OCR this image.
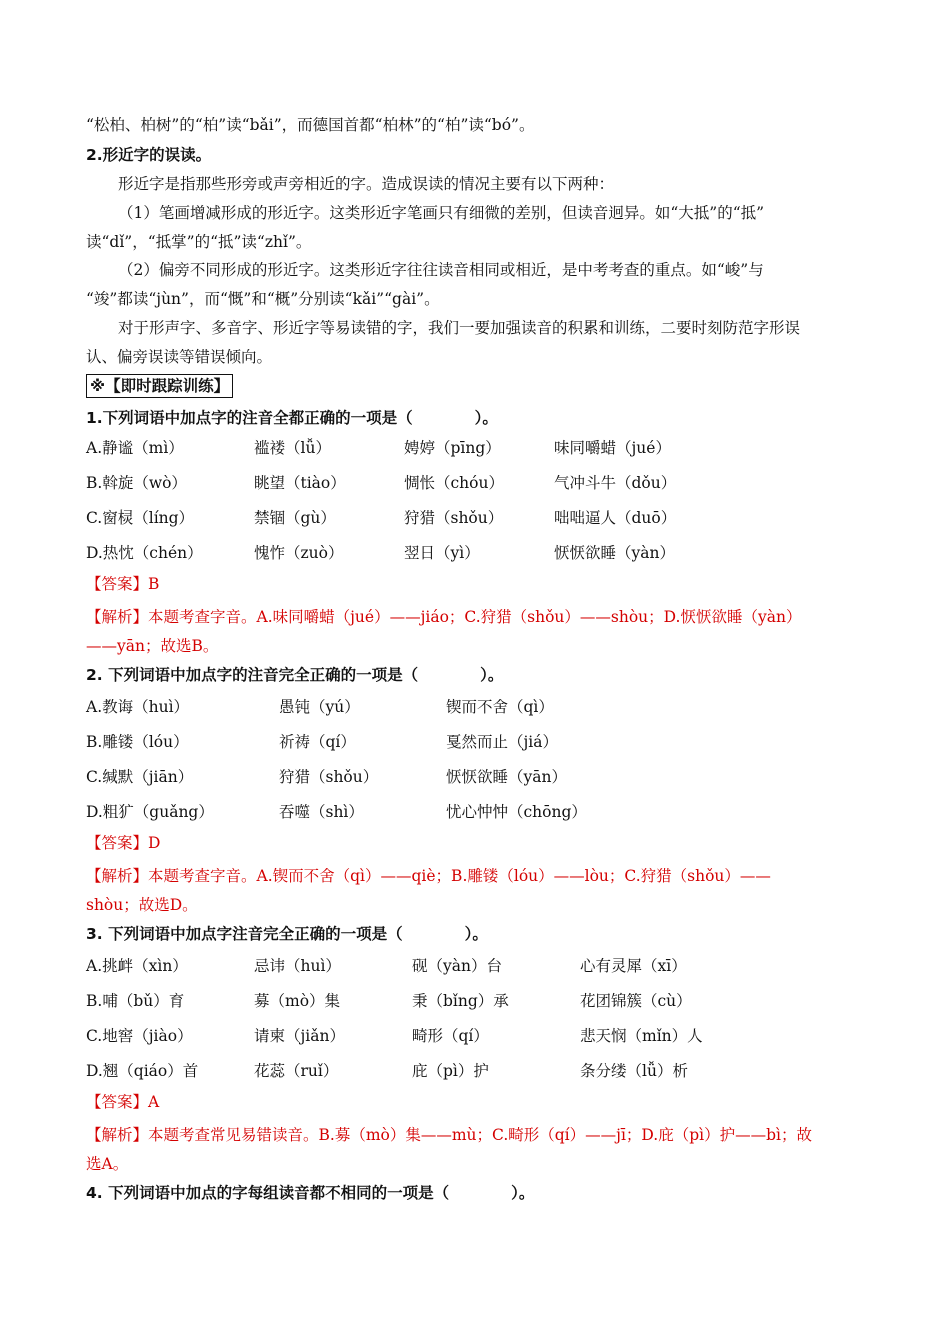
“松柏、柏树”的“柏”读“bǎi”，而德国首都“柏林”的“柏”读“bó”。
2.形近字的误读。
形近字是指那些形旁或声旁相近的字。造成误读的情况主要有以下两种：
（1）笔画增减形成的形近字。这类形近字笔画只有细微的差别，但读音迥异。如“大抵”的“抵”
读“dǐ”，“抵掌”的“抵”读“zhǐ”。
（2）偏旁不同形成的形近字。这类形近字往往读音相同或相近，是中考考查的重点。如“峻”与
“竣”都读“jùn”，而“慨”和“概”分别读“kǎi”“gài”。
对于形声字、多音字、形近字等易读错的字，我们一要加强读音的积累和训练，二要时刻防范字形误
认、偏旁误读等错误倾向。
※【即时跟踪训练】
1.下列词语中加点字的注音全都正确的一项是（　　　　）。
A.静谧（mì）	褴褛（lǚ）	娉婷（pīng）	味同嚼蜡（jué）
B.斡旋（wò）	眺望（tiào）	惆怅（chóu）	气冲斗牛（dǒu）
C.窗棂（líng）	禁锢（gù）	狩猎（shǒu）	咄咄逼人（duō）
D.热忱（chén）	愧怍（zuò）	翌日（yì）	恹恹欲睡（yàn）
【答案】B
【解析】本题考查字音。A.味同嚼蜡（jué）——jiáo；C.狩猎（shǒu）——shòu；D.恹恹欲睡（yàn）
——yān；故选B。
2. 下列词语中加点字的注音完全正确的一项是（　　　　）。
A.教诲（huì）	愚钝（yú）	锲而不舍（qì）
B.雕镂（lóu）	祈祷（qí）	戛然而止（jiá）
C.缄默（jiān）	狩猎（shǒu）	恹恹欲睡（yān）
D.粗犷（guǎng）	吞噬（shì）	忧心忡忡（chōng）
【答案】D
【解析】本题考查字音。A.锲而不舍（qì）——qiè；B.雕镂（lóu）——lòu；C.狩猎（shǒu）——
shòu；故选D。
3. 下列词语中加点字注音完全正确的一项是（　　　　）。
A.挑衅（xìn）	忌讳（huì）	砚（yàn）台	心有灵犀（xī）
B.哺（bǔ）育	募（mò）集	秉（bǐng）承	花团锦簇（cù）
C.地窖（jiào）	请柬（jiǎn）	畸形（qí）	悲天悯（mǐn）人
D.翘（qiáo）首	花蕊（ruǐ）	庇（pì）护	条分缕（lǚ）析
【答案】A
【解析】本题考查常见易错读音。B.募（mò）集——mù；C.畸形（qí）——jī；D.庇（pì）护——bì；故
选A。
4. 下列词语中加点的字每组读音都不相同的一项是（　　　　）。
